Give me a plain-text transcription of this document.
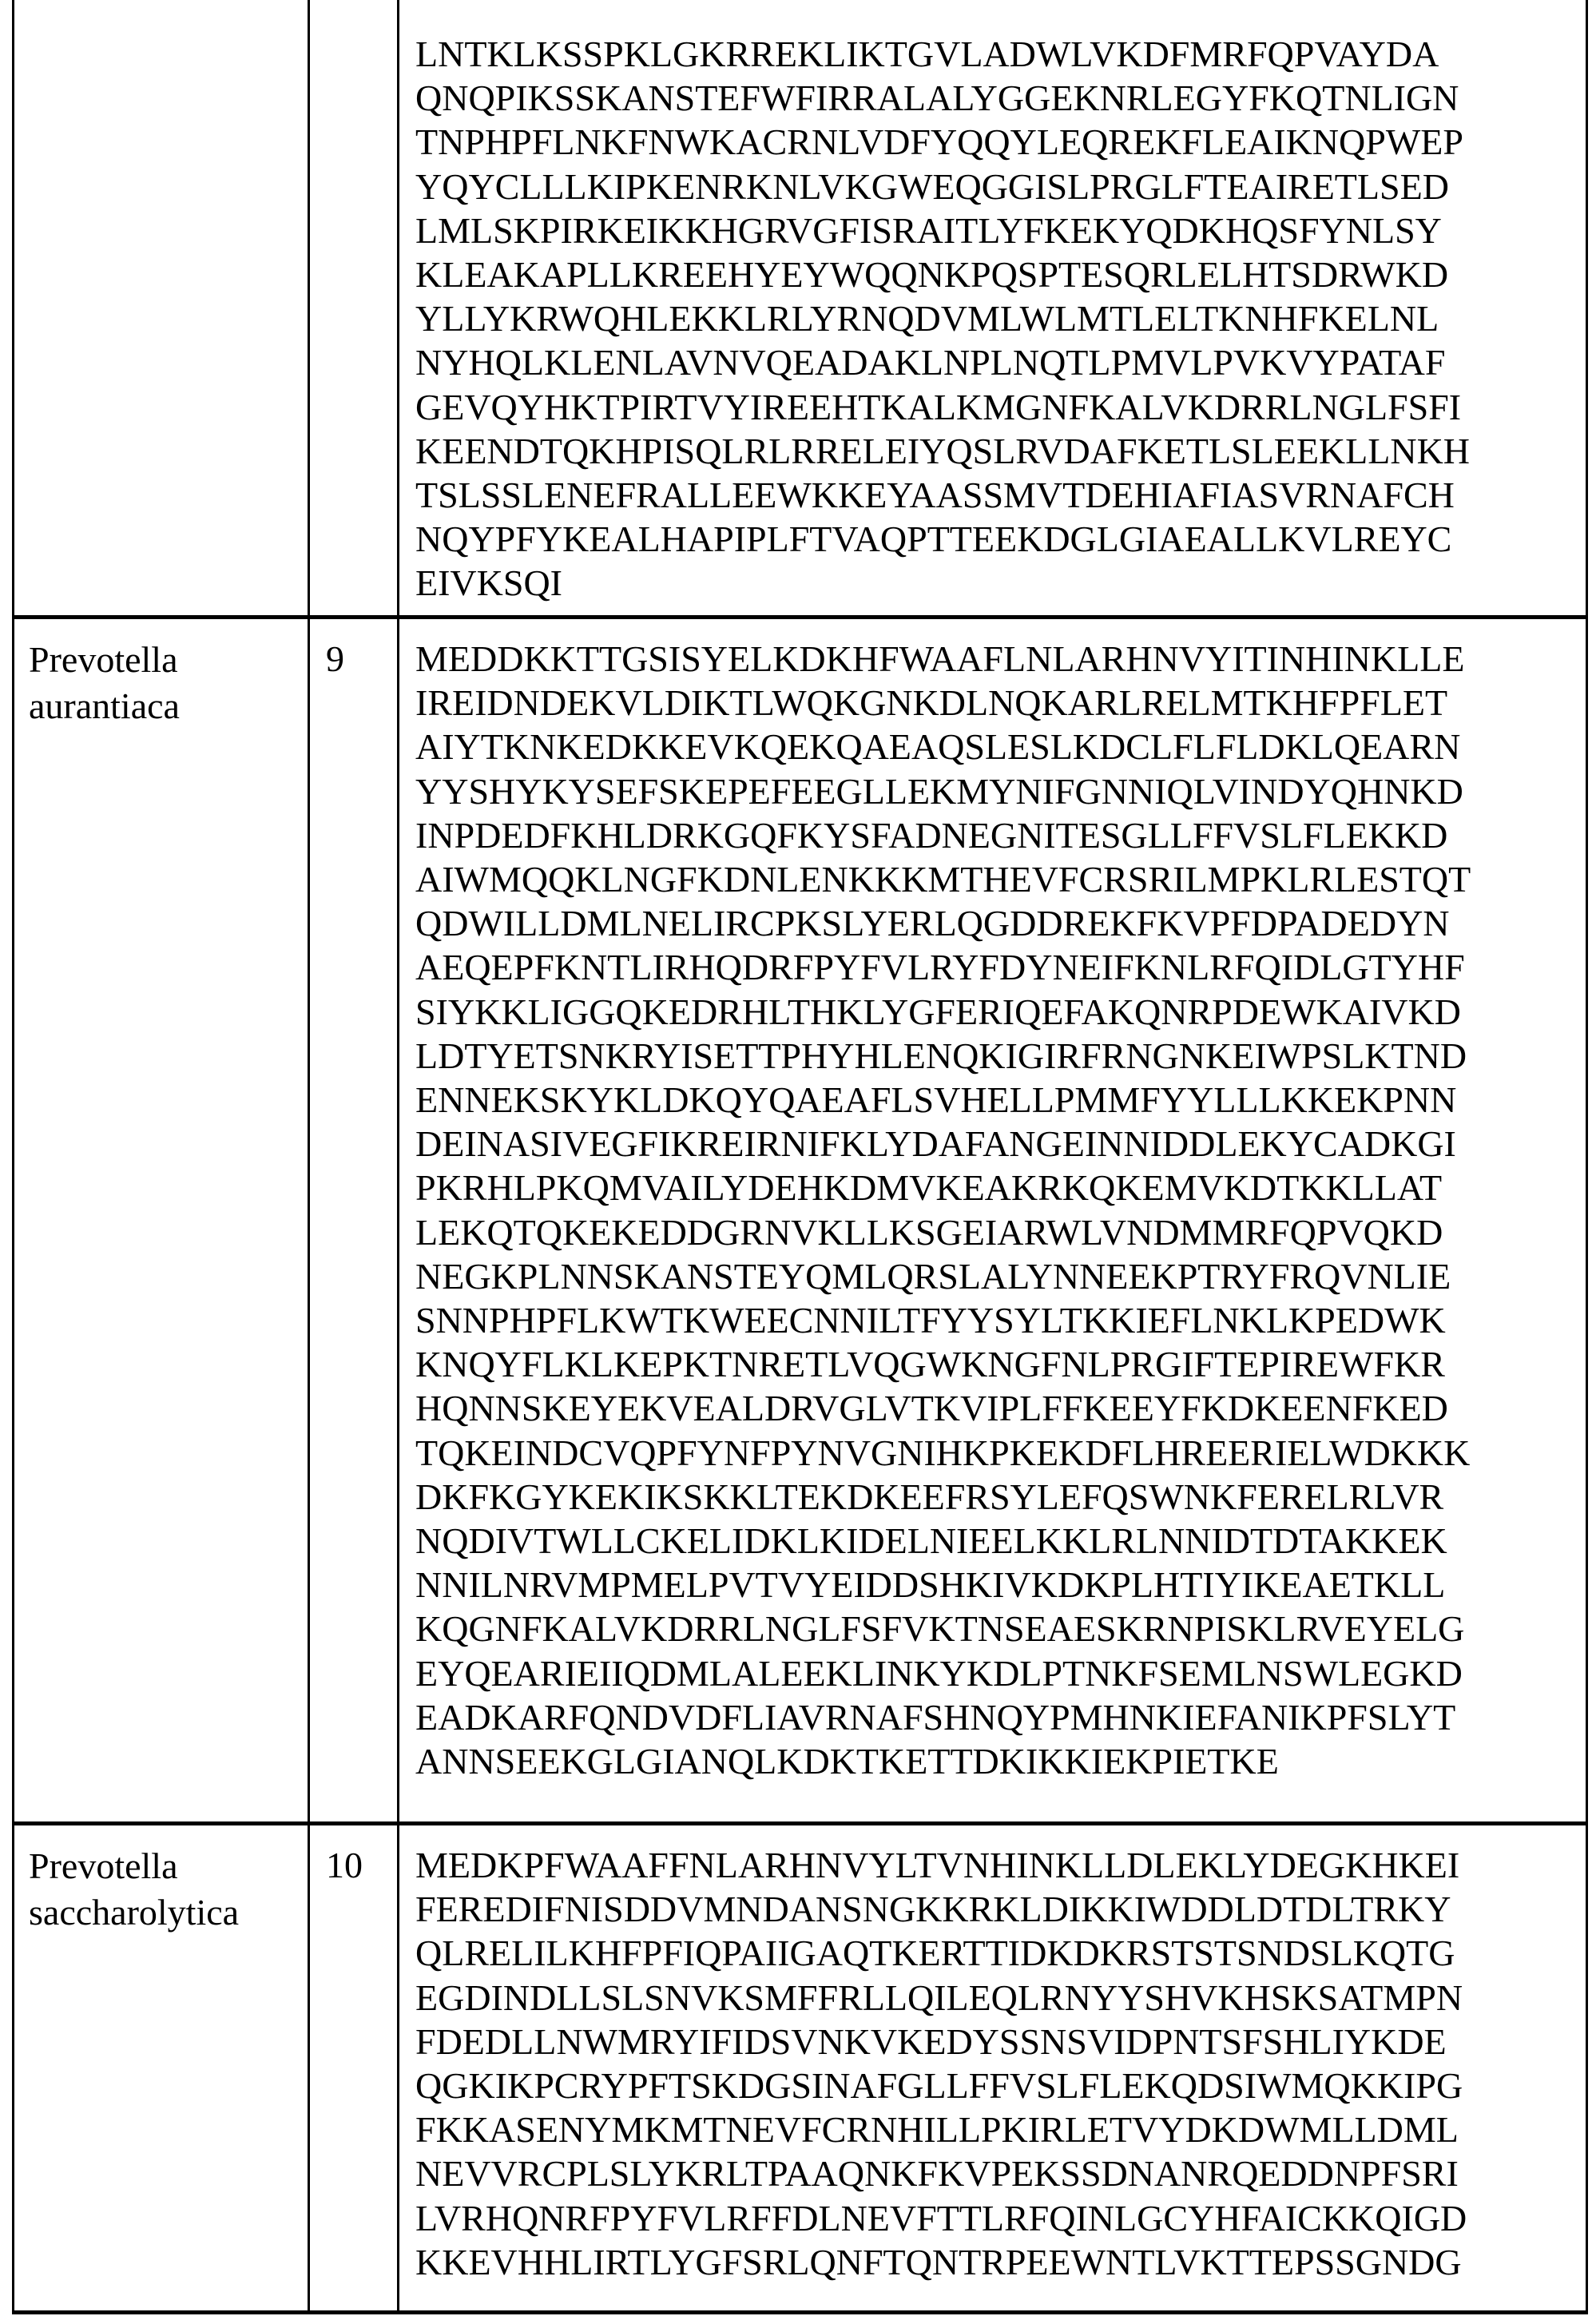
LNTKLKSSPKLGKRREKLIKTGVLADWLVKDFMRFQPVAYDA
QNQPIKSSKANSTEFWFIRRALALYGGEKNRLEGYFKQTNLIGN
TNPHPFLNKFNWKACRNLVDFYQQYLEQREKFLEAIKNQPWEP
YQYCLLLKIPKENRKNLVKGWEQGGISLPRGLFTEAIRETLSED
LMLSKPIRKEIKKHGRVGFISRAITLYFKEKYQDKHQSFYNLSY
KLEAKAPLLKREEHYEYWQQNKPQSPTESQRLELHTSDRWKD
YLLYKRWQHLEKKLRLYRNQDVMLWLMTLELTKNHFKELNL
NYHQLKLENLAVNVQEADAKLNPLNQTLPMVLPVKVYPATAF
GEVQYHKTPIRTVYIREEHTKALKMGNFKALVKDRRLNGLFSFI
KEENDTQKHPISQLRLRRELEIYQSLRVDAFKETLSLEEKLLNKH
TSLSSLENEFRALLEEWKKEYAASSMVTDEHIAFIASVRNAFCH
NQYPFYKEALHAPIPLFTVAQPTTEEKDGLGIAEALLKVLREYC
EIVKSQI
Prevotella
aurantiaca
9	MEDDKKTTGSISYELKDKHFWAAFLNLARHNVYITINHINKLLE
IREIDNDEKVLDIKTLWQKGNKDLNQKARLRELMTKHFPFLET
AIYTKNKEDKKEVKQEKQAEAQSLESLKDCLFLFLDKLQEARN
YYSHYKYSEFSKEPEFEEGLLEKMYNIFGNNIQLVINDYQHNKD
INPDEDFKHLDRKGQFKYSFADNEGNITESGLLFFVSLFLEKKD
AIWMQQKLNGFKDNLENKKKMTHEVFCRSRILMPKLRLESTQT
QDWILLDMLNELIRCPKSLYERLQGDDREKFKVPFDPADEDYN
AEQEPFKNTLIRHQDRFPYFVLRYFDYNEIFKNLRFQIDLGTYHF
SIYKKLIGGQKEDRHLTHKLYGFERIQEFAKQNRPDEWKAIVKD
LDTYETSNKRYISETTPHYHLENQKIGIRFRNGNKEIWPSLKTND
ENNEKSKYKLDKQYQAEAFLSVHELLPMMFYYLLLKKEKPNN
DEINASIVEGFIKREIRNIFKLYDAFANGEINNIDDLEKYCADKGI
PKRHLPKQMVAILYDEHKDMVKEAKRKQKEMVKDTKKLLAT
LEKQTQKEKEDDGRNVKLLKSGEIARWLVNDMMRFQPVQKD
NEGKPLNNSKANSTEYQMLQRSLALYNNEEKPTRYFRQVNLIE
SNNPHPFLKWTKWEECNNILTFYYSYLTKKIEFLNKLKPEDWK
KNQYFLKLKEPKTNRETLVQGWKNGFNLPRGIFTEPIREWFKR
HQNNSKEYEKVEALDRVGLVTKVIPLFFKEEYFKDKEENFKED
TQKEINDCVQPFYNFPYNVGNIHKPKEKDFLHREERIELWDKKK
DKFKGYKEKIKSKKLTEKDKEEFRSYLEFQSWNKFERELRLVR
NQDIVTWLLCKELIDKLKIDELNIEELKKLRLNNIDTDTAKKEK
NNILNRVMPMELPVTVYEIDDSHKIVKDKPLHTIYIKEAETKLL
KQGNFKALVKDRRLNGLFSFVKTNSEAESKRNPISKLRVEYELG
EYQEARIEIIQDMLALEEKLINKYKDLPTNKFSEMLNSWLEGKD
EADKARFQNDVDFLIAVRNAFSHNQYPMHNKIEFANIKPFSLYT
ANNSEEKGLGIANQLKDKTKETTDKIKKIEKPIETKE
Prevotella
saccharolytica
10	MEDKPFWAAFFNLARHNVYLTVNHINKLLDLEKLYDEGKHKEI
FEREDIFNISDDVMNDANSNGKKRKLDIKKIWDDLDTDLTRKY
QLRELILKHFPFIQPAIIGAQTKERTTIDKDKRSTSTSNDSLKQTG
EGDINDLLSLSNVKSMFFRLLQILEQLRNYYSHVKHSKSATMPN
FDEDLLNWMRYIFIDSVNKVKEDYSSNSVIDPNTSFSHLIYKDE
QGKIKPCRYPFTSKDGSINAFGLLFFVSLFLEKQDSIWMQKKIPG
FKKASENYMKMTNEVFCRNHILLPKIRLETVYDKDWMLLDML
NEVVRCPLSLYKRLTPAAQNKFKVPEKSSDNANRQEDDNPFSRI
LVRHQNRFPYFVLRFFDLNEVFTTLRFQINLGCYHFAICKKQIGD
KKEVHHLIRTLYGFSRLQNFTQNTRPEEWNTLVKTTEPSSGNDG
